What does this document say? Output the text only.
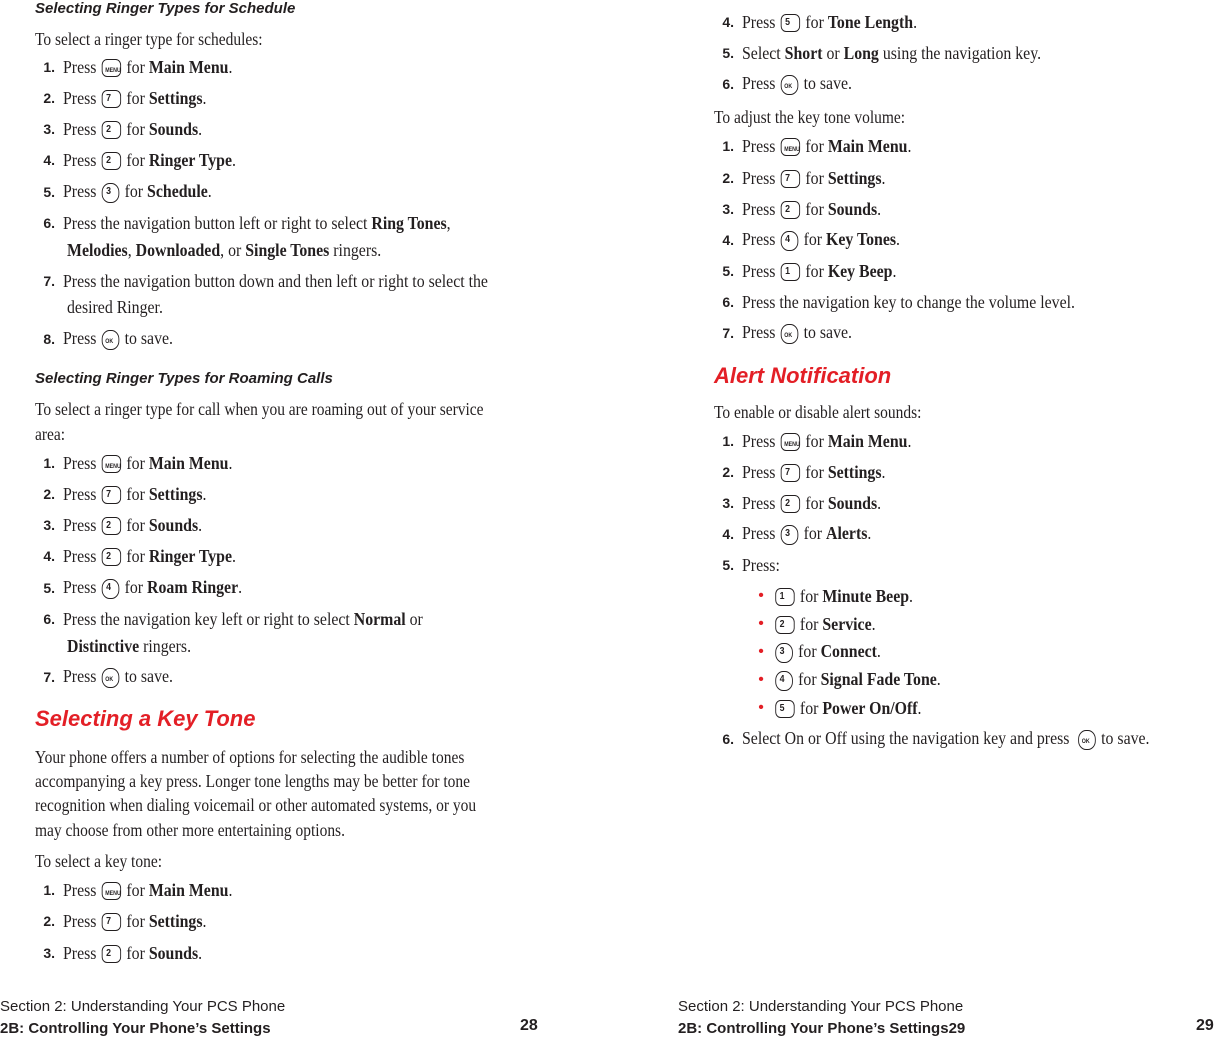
Selecting Ringer Types for Schedule
To select a ringer type for schedules:
1. Press MENU for Main Menu.
2. Press 7 for Settings.
3. Press 2 for Sounds.
4. Press 2 for Ringer Type.
5. Press 3 for Schedule.
6. Press the navigation button left or right to select Ring Tones,
Melodies, Downloaded, or Single Tones ringers.
7. Press the navigation button down and then left or right to select the
desired Ringer.
8. Press OK to save.
Selecting Ringer Types for Roaming Calls
To select a ringer type for call when you are roaming out of your service
area:
1. Press MENU for Main Menu.
2. Press 7 for Settings.
3. Press 2 for Sounds.
4. Press 2 for Ringer Type.
5. Press 4 for Roam Ringer.
6. Press the navigation key left or right to select Normal or
Distinctive ringers.
7. Press OK to save.
Selecting a Key Tone
Your phone offers a number of options for selecting the audible tones
accompanying a key press. Longer tone lengths may be better for tone
recognition when dialing voicemail or other automated systems, or you
may choose from other more entertaining options.
To select a key tone:
1. Press MENU for Main Menu.
2. Press 7 for Settings.
3. Press 2 for Sounds.
Section 2: Understanding Your PCS Phone
2B: Controlling Your Phone’s Settings	28
4. Press 5 for Tone Length.
5. Select Short or Long using the navigation key.
6. Press OK to save.
To adjust the key tone volume:
1. Press MENU for Main Menu.
2. Press 7 for Settings.
3. Press 2 for Sounds.
4. Press 4 for Key Tones.
5. Press 1 for Key Beep.
6. Press the navigation key to change the volume level.
7. Press OK to save.
Alert Notification
To enable or disable alert sounds:
1. Press MENU for Main Menu.
2. Press 7 for Settings.
3. Press 2 for Sounds.
4. Press 3 for Alerts.
5. Press:
•	1 for Minute Beep.
•	2 for Service.
•	3 for Connect.
•	4 for Signal Fade Tone.
•	5 for Power On/Off.
6. Select On or Off using the navigation key and press OK to save.
Section 2: Understanding Your PCS Phone
2B: Controlling Your Phone’s Settings29	29
